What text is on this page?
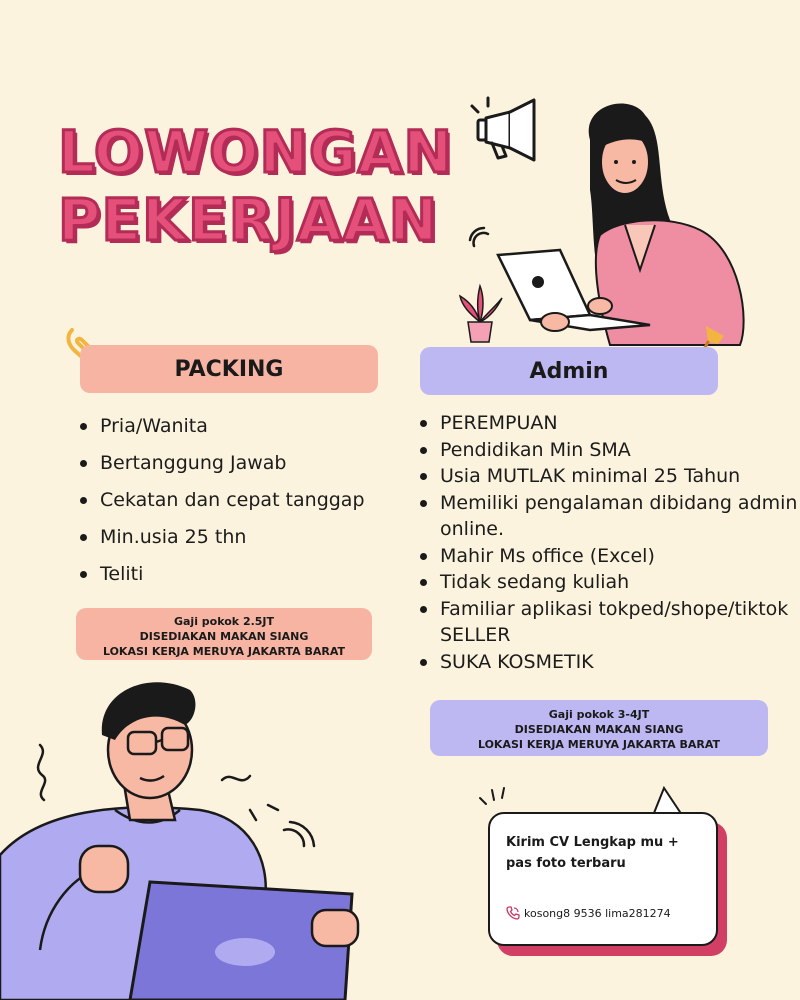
LOWONGAN
PEKERJAAN
PACKING	Admin
Pria/Wanita
Bertanggung Jawab
Cekatan dan cepat tanggap
Min.usia 25 thn
Teliti
PEREMPUAN
Pendidikan Min SMA
Usia MUTLAK minimal 25 Tahun
Memiliki pengalaman dibidang admin
online.
Mahir Ms office (Excel)
Tidak sedang kuliah
Familiar aplikasi tokped/shope/tiktok
SELLER
SUKA KOSMETIK
Gaji pokok 2.5JT
DISEDIAKAN MAKAN SIANG
LOKASI KERJA MERUYA JAKARTA BARAT
Gaji pokok 3-4JT
DISEDIAKAN MAKAN SIANG
LOKASI KERJA MERUYA JAKARTA BARAT
Kirim CV Lengkap mu + pas foto terbaru
kosong8 9536 lima281274
